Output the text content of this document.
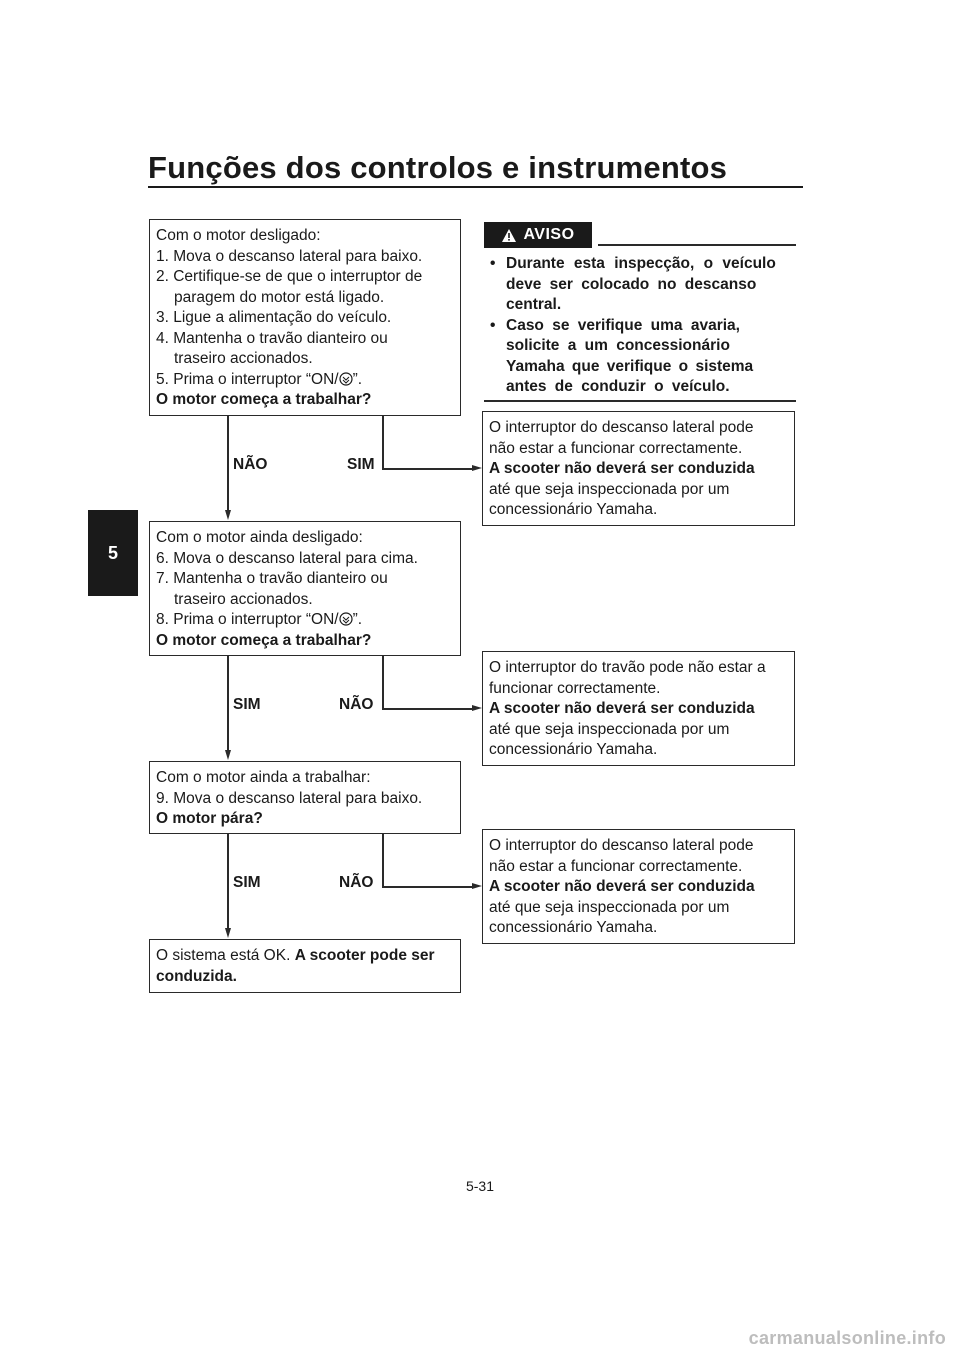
Funções dos controlos e instrumentos
5
Com o motor desligado:
1. Mova o descanso lateral para baixo.
2. Certifique-se de que o interruptor de
paragem do motor está ligado.
3. Ligue a alimentação do veículo.
4. Mantenha o travão dianteiro ou
traseiro accionados.
5. Prima o interruptor “ON/ ”.
O motor começa a trabalhar?
AVISO
• Durante esta inspecção, o veículo
deve ser colocado no descanso
central.
• Caso se verifique uma avaria,
solicite a um concessionário
Yamaha que verifique o sistema
antes de conduzir o veículo.
O interruptor do descanso lateral pode
não estar a funcionar correctamente.
A scooter não deverá ser conduzida
até que seja inspeccionada por um
concessionário Yamaha.
NÃO	SIM
Com o motor ainda desligado:
6. Mova o descanso lateral para cima.
7. Mantenha o travão dianteiro ou
traseiro accionados.
8. Prima o interruptor “ON/ ”.
O motor começa a trabalhar?
O interruptor do travão pode não estar a
funcionar correctamente.
A scooter não deverá ser conduzida
até que seja inspeccionada por um
concessionário Yamaha.
SIM	NÃO
Com o motor ainda a trabalhar:
9. Mova o descanso lateral para baixo.
O motor pára?
O interruptor do descanso lateral pode
não estar a funcionar correctamente.
A scooter não deverá ser conduzida
até que seja inspeccionada por um
concessionário Yamaha.
SIM	NÃO
O sistema está OK. A scooter pode ser
conduzida.
5-31
carmanualsonline.info
